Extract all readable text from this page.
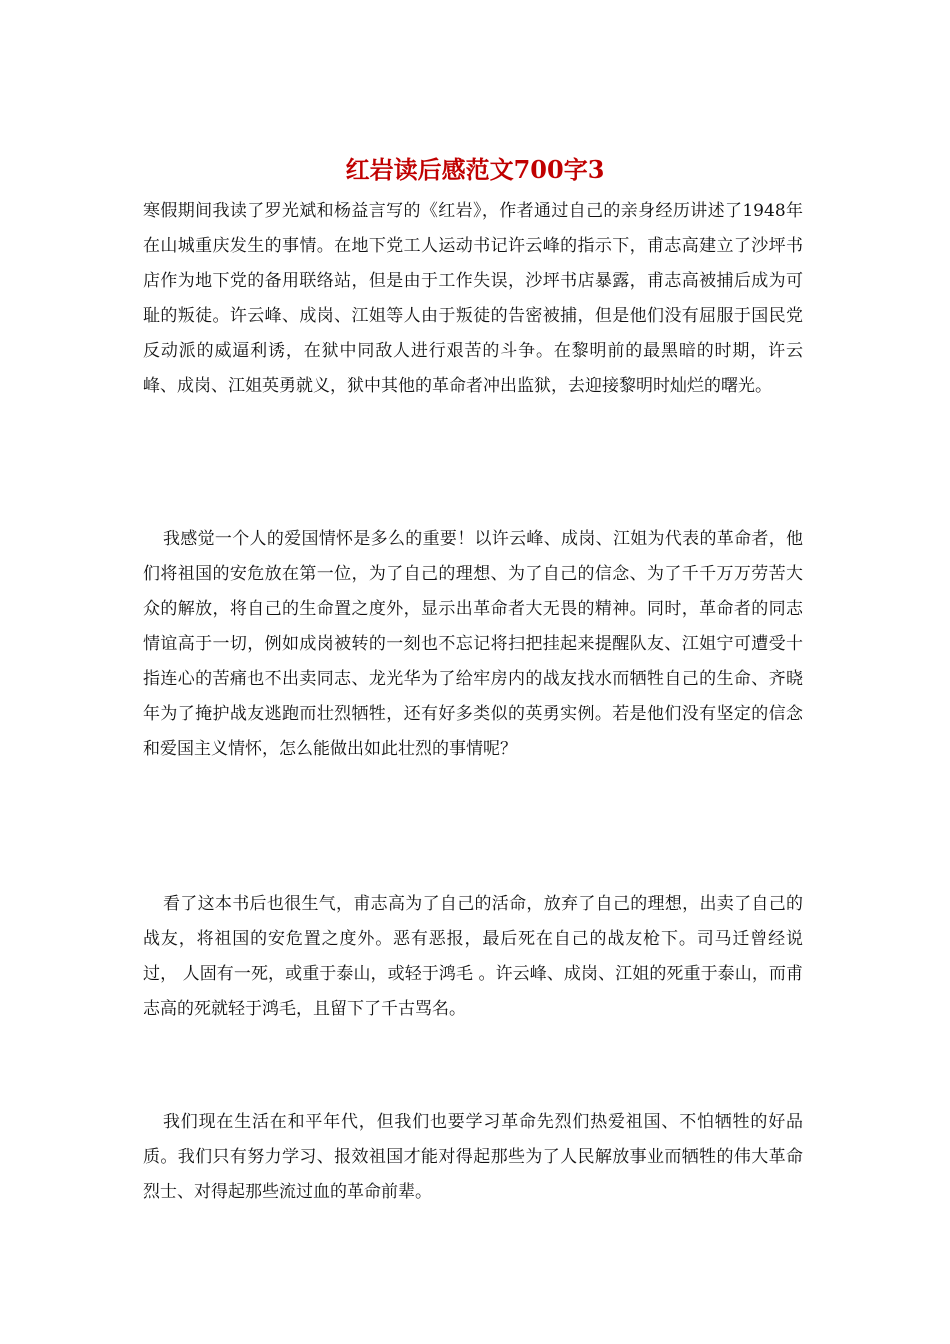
红岩读后感范文700字3

寒假期间我读了罗光斌和杨益言写的《红岩》，作者通过自己的亲身经历讲述了1948年在山城重庆发生的事情。在地下党工人运动书记许云峰的指示下，甫志高建立了沙坪书店作为地下党的备用联络站，但是由于工作失误，沙坪书店暴露，甫志高被捕后成为可耻的叛徒。许云峰、成岗、江姐等人由于叛徒的告密被捕，但是他们没有屈服于国民党反动派的威逼利诱，在狱中同敌人进行艰苦的斗争。在黎明前的最黑暗的时期，许云峰、成岗、江姐英勇就义，狱中其他的革命者冲出监狱，去迎接黎明时灿烂的曙光。

我感觉一个人的爱国情怀是多么的重要！以许云峰、成岗、江姐为代表的革命者，他们将祖国的安危放在第一位，为了自己的理想、为了自己的信念、为了千千万万劳苦大众的解放，将自己的生命置之度外，显示出革命者大无畏的精神。同时，革命者的同志情谊高于一切，例如成岗被转的一刻也不忘记将扫把挂起来提醒队友、江姐宁可遭受十指连心的苦痛也不出卖同志、龙光华为了给牢房内的战友找水而牺牲自己的生命、齐晓年为了掩护战友逃跑而壮烈牺牲，还有好多类似的英勇实例。若是他们没有坚定的信念和爱国主义情怀，怎么能做出如此壮烈的事情呢？

看了这本书后也很生气，甫志高为了自己的活命，放弃了自己的理想，出卖了自己的战友，将祖国的安危置之度外。恶有恶报，最后死在自己的战友枪下。司马迁曾经说过， 人固有一死，或重于泰山，或轻于鸿毛 。许云峰、成岗、江姐的死重于泰山，而甫志高的死就轻于鸿毛，且留下了千古骂名。

我们现在生活在和平年代，但我们也要学习革命先烈们热爱祖国、不怕牺牲的好品质。我们只有努力学习、报效祖国才能对得起那些为了人民解放事业而牺牲的伟大革命烈士、对得起那些流过血的革命前辈。
